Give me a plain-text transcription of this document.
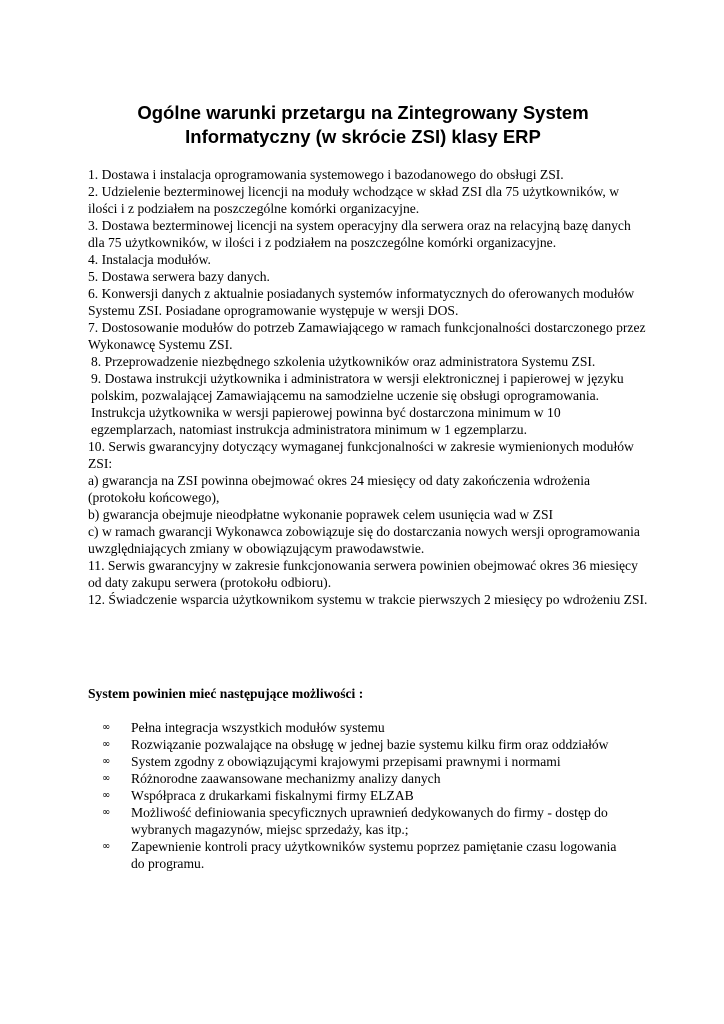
Ogólne warunki przetargu na Zintegrowany System
Informatyczny (w skrócie ZSI) klasy ERP

1. Dostawa i instalacja oprogramowania systemowego i bazodanowego do obsługi ZSI.

2. Udzielenie bezterminowej licencji na moduły wchodzące w skład ZSI dla 75 użytkowników, w ilości i z podziałem na poszczególne komórki organizacyjne.

3. Dostawa bezterminowej licencji na system operacyjny dla serwera oraz na relacyjną bazę danych dla 75 użytkowników, w ilości i z podziałem na poszczególne komórki organizacyjne.

4. Instalacja modułów.

5. Dostawa serwera bazy danych.

6. Konwersji danych z aktualnie posiadanych systemów informatycznych do oferowanych modułów Systemu ZSI. Posiadane oprogramowanie występuje w wersji DOS.

7. Dostosowanie modułów do potrzeb Zamawiającego w ramach funkcjonalności dostarczonego przez Wykonawcę Systemu ZSI.

8. Przeprowadzenie niezbędnego szkolenia użytkowników oraz administratora Systemu ZSI.

9. Dostawa instrukcji użytkownika i administratora w wersji elektronicznej i papierowej w języku polskim, pozwalającej Zamawiającemu na samodzielne uczenie się obsługi oprogramowania. Instrukcja użytkownika w wersji papierowej powinna być dostarczona minimum w 10 egzemplarzach, natomiast instrukcja administratora minimum w 1 egzemplarzu.

10. Serwis gwarancyjny dotyczący wymaganej funkcjonalności w zakresie wymienionych modułów ZSI:

a) gwarancja na ZSI powinna obejmować okres 24 miesięcy od daty zakończenia wdrożenia (protokołu końcowego),

b) gwarancja obejmuje nieodpłatne wykonanie poprawek celem usunięcia wad w ZSI

c) w ramach gwarancji Wykonawca zobowiązuje się do dostarczania nowych wersji oprogramowania uwzględniających zmiany w obowiązującym prawodawstwie.

11. Serwis gwarancyjny w zakresie funkcjonowania serwera powinien obejmować okres 36 miesięcy od daty zakupu serwera (protokołu odbioru).

12. Świadczenie wsparcia użytkownikom systemu w trakcie pierwszych 2 miesięcy po wdrożeniu ZSI.

System powinien mieć następujące możliwości :

∞ Pełna integracja wszystkich modułów systemu
∞ Rozwiązanie pozwalające na obsługę w jednej bazie systemu kilku firm oraz oddziałów
∞ System zgodny z obowiązującymi krajowymi przepisami prawnymi i normami
∞ Różnorodne zaawansowane mechanizmy analizy danych
∞ Współpraca z drukarkami fiskalnymi firmy ELZAB
∞ Możliwość definiowania specyficznych uprawnień dedykowanych do firmy - dostęp do wybranych magazynów, miejsc sprzedaży, kas itp.;
∞ Zapewnienie kontroli pracy użytkowników systemu poprzez pamiętanie czasu logowania do programu.
